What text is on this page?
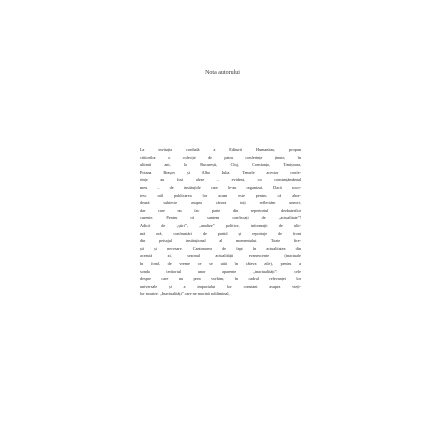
Nota autorului
La invitația cordială a Editurii Humanitas, propun
cititorilor o colecție de patru conferințe ținute, în
ultimii ani, la București, Cluj, Constanța, Timișoara,
Poiana Brașov și Alba Iulia. Temele acestor confe-
rințe au fost alese – evident, cu consimțământul
meu – de instituțiile care le-au organizat. Dacă soco-
tesc util publicarea lor acum este pentru că abor-
dează subiecte asupra cărora toți reflectăm uneori,
dar care nu fac parte din repertoriul dezbaterilor
curente. Pentru că suntem confiscați de „actualitate”!
Adică de „știri”, „analize” politice, informații de ulti-
mă oră, confruntări de partid și reportaje de front
din peisajul instituțional al momentului. Toate fire-
ști și necesare. Cantonarea de fapt în actualitatea din
această zi, sezonul actualității evanescente (inactuale
în fond, de vreme ce se uită în câteva zile), pentru a
sonda teritoriul unor aparente „inactualități”: cele
despre care nu prea vorbim, în cadrul relevanței lor
universale și a impactului lor constant asupra vieți-
lor noastre. „Inactualități” care ne macină subliminal,
